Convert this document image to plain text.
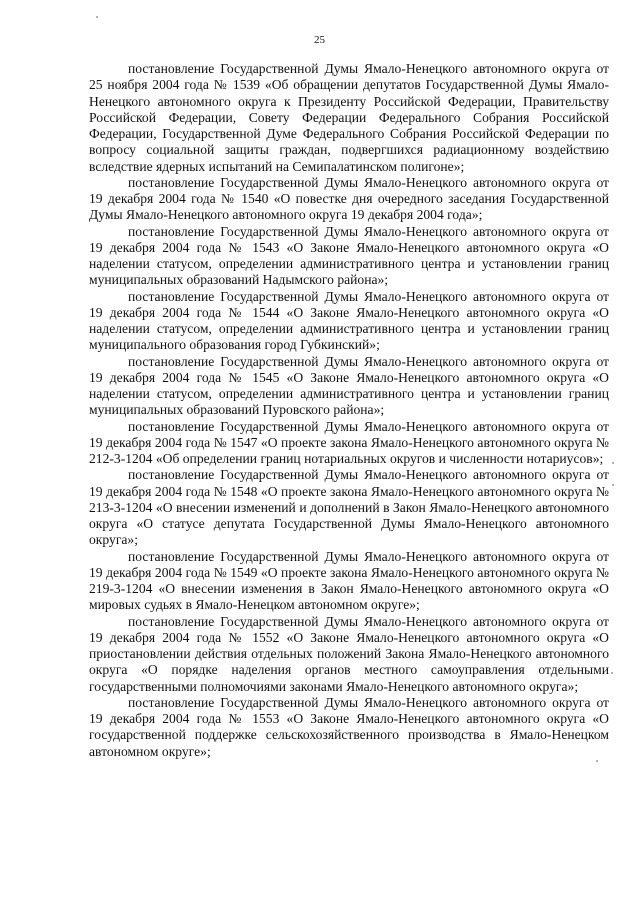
25

постановление Государственной Думы Ямало-Ненецкого автономного округа от 25 ноября 2004 года № 1539 «Об обращении депутатов Государственной Думы Ямало-Ненецкого автономного округа к Президенту Российской Федерации, Правительству Российской Федерации, Совету Федерации Федерального Собрания Российской Федерации, Государственной Думе Федерального Собрания Российской Федерации по вопросу социальной защиты граждан, подвергшихся радиационному воздействию вследствие ядерных испытаний на Семипалатинском полигоне»;

постановление Государственной Думы Ямало-Ненецкого автономного округа от 19 декабря 2004 года № 1540 «О повестке дня очередного заседания Государственной Думы Ямало-Ненецкого автономного округа 19 декабря 2004 года»;

постановление Государственной Думы Ямало-Ненецкого автономного округа от 19 декабря 2004 года № 1543 «О Законе Ямало-Ненецкого автономного округа «О наделении статусом, определении административного центра и установлении границ муниципальных образований Надымского района»;

постановление Государственной Думы Ямало-Ненецкого автономного округа от 19 декабря 2004 года № 1544 «О Законе Ямало-Ненецкого автономного округа «О наделении статусом, определении административного центра и установлении границ муниципального образования город Губкинский»;

постановление Государственной Думы Ямало-Ненецкого автономного округа от 19 декабря 2004 года № 1545 «О Законе Ямало-Ненецкого автономного округа «О наделении статусом, определении административного центра и установлении границ муниципальных образований Пуровского района»;

постановление Государственной Думы Ямало-Ненецкого автономного округа от 19 декабря 2004 года № 1547 «О проекте закона Ямало-Ненецкого автономного округа № 212-3-1204 «Об определении границ нотариальных округов и численности нотариусов»;

постановление Государственной Думы Ямало-Ненецкого автономного округа от 19 декабря 2004 года № 1548 «О проекте закона Ямало-Ненецкого автономного округа № 213-3-1204 «О внесении изменений и дополнений в Закон Ямало-Ненецкого автономного округа «О статусе депутата Государственной Думы Ямало-Ненецкого автономного округа»;

постановление Государственной Думы Ямало-Ненецкого автономного округа от 19 декабря 2004 года № 1549 «О проекте закона Ямало-Ненецкого автономного округа № 219-3-1204 «О внесении изменения в Закон Ямало-Ненецкого автономного округа «О мировых судьях в Ямало-Ненецком автономном округе»;

постановление Государственной Думы Ямало-Ненецкого автономного округа от 19 декабря 2004 года № 1552 «О Законе Ямало-Ненецкого автономного округа «О приостановлении действия отдельных положений Закона Ямало-Ненецкого автономного округа «О порядке наделения органов местного самоуправления отдельными государственными полномочиями законами Ямало-Ненецкого автономного округа»;

постановление Государственной Думы Ямало-Ненецкого автономного округа от 19 декабря 2004 года № 1553 «О Законе Ямало-Ненецкого автономного округа «О государственной поддержке сельскохозяйственного производства в Ямало-Ненецком автономном округе»;
